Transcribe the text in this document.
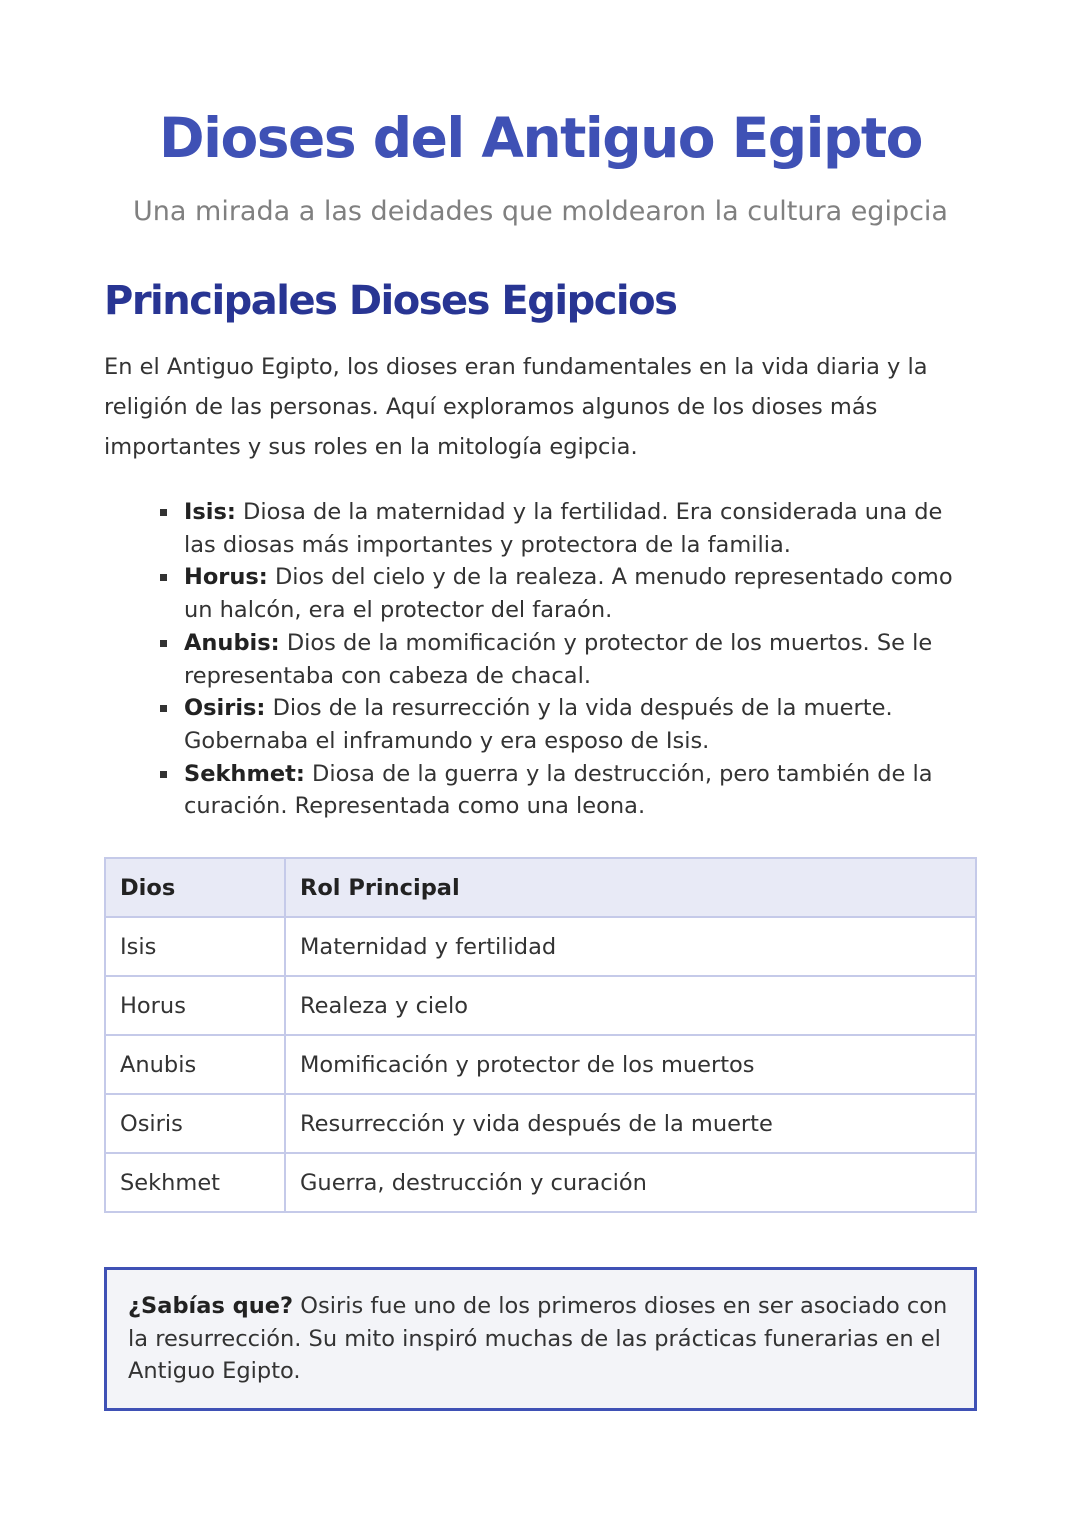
Dioses del Antiguo Egipto

Una mirada a las deidades que moldearon la cultura egipcia

Principales Dioses Egipcios

En el Antiguo Egipto, los dioses eran fundamentales en la vida diaria y la religión de las personas. Aquí exploramos algunos de los dioses más importantes y sus roles en la mitología egipcia.

Isis: Diosa de la maternidad y la fertilidad. Era considerada una de las diosas más importantes y protectora de la familia.
Horus: Dios del cielo y de la realeza. A menudo representado como un halcón, era el protector del faraón.
Anubis: Dios de la momificación y protector de los muertos. Se le representaba con cabeza de chacal.
Osiris: Dios de la resurrección y la vida después de la muerte. Gobernaba el inframundo y era esposo de Isis.
Sekhmet: Diosa de la guerra y la destrucción, pero también de la curación. Representada como una leona.
Dios	Rol Principal
Isis	Maternidad y fertilidad
Horus	Realeza y cielo
Anubis	Momificación y protector de los muertos
Osiris	Resurrección y vida después de la muerte
Sekhmet	Guerra, destrucción y curación
¿Sabías que? Osiris fue uno de los primeros dioses en ser asociado con la resurrección. Su mito inspiró muchas de las prácticas funerarias en el Antiguo Egipto.
